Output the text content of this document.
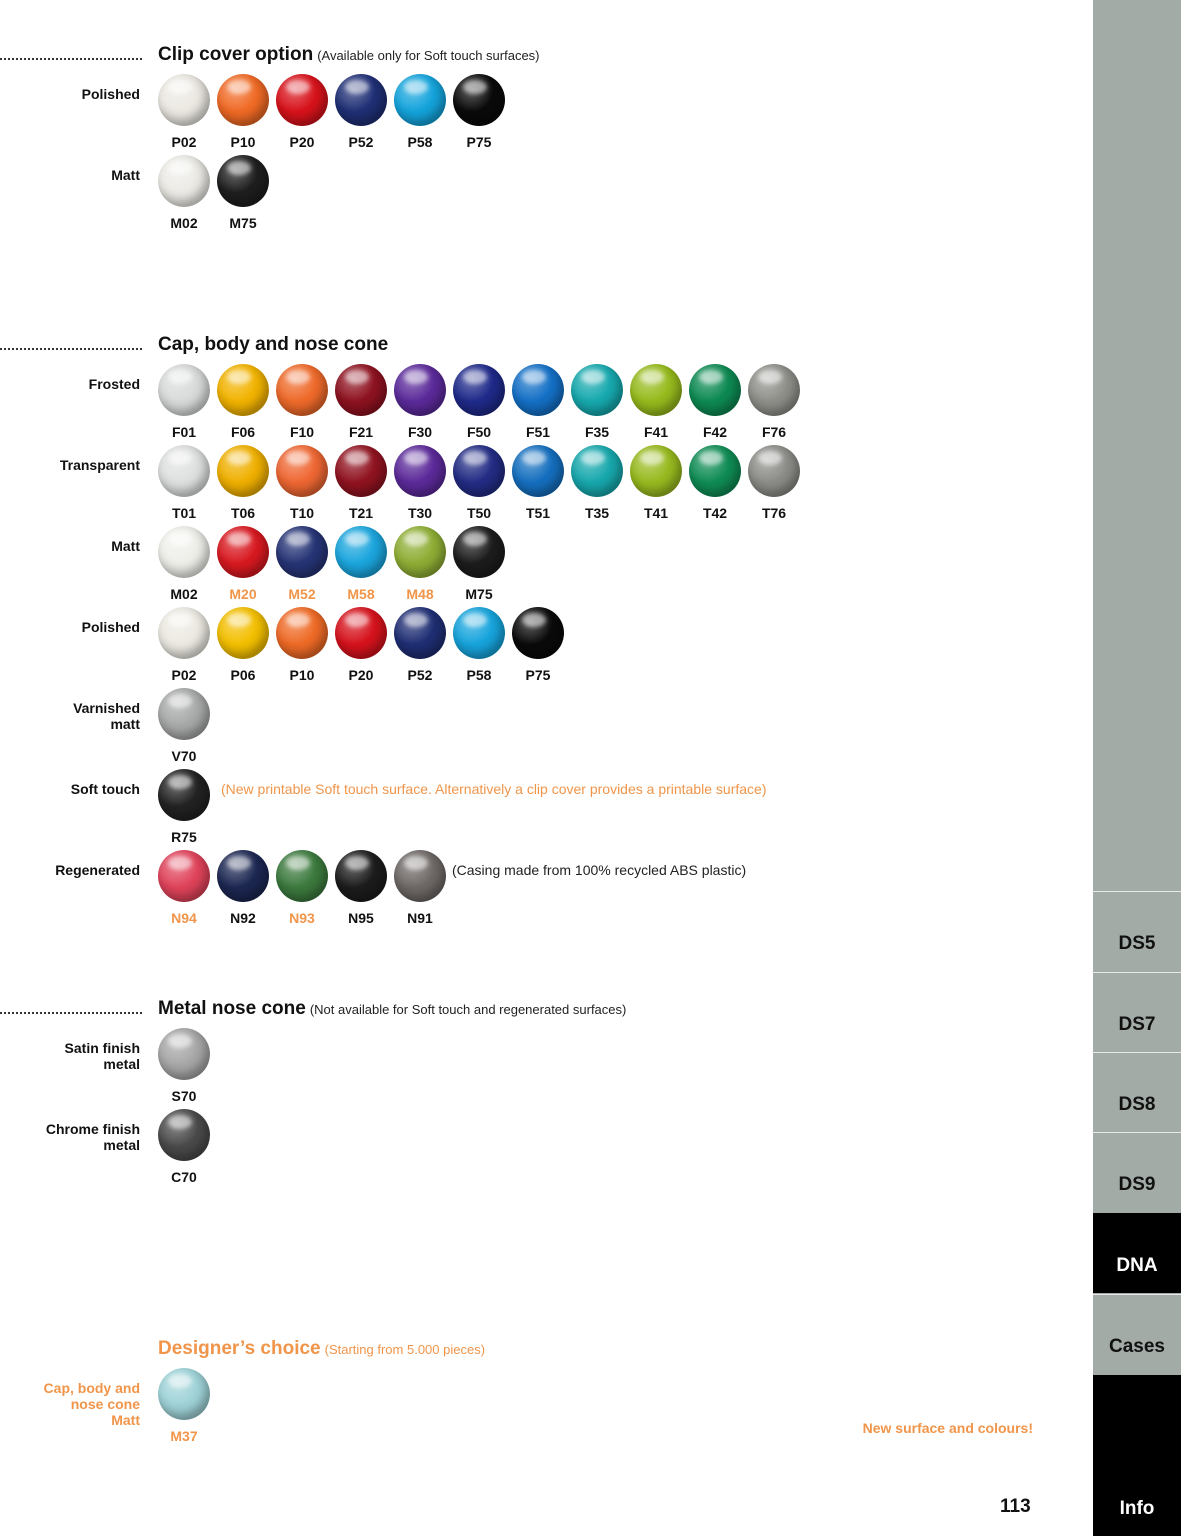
Clip cover option (Available only for Soft touch surfaces)
Polished
P02	P10	P20	P52	P58	P75
Matt
M02	M75
Cap, body and nose cone
Frosted
F01	F06	F10	F21	F30	F50	F51	F35	F41	F42	F76
Transparent
T01	T06	T10	T21	T30	T50	T51	T35	T41	T42	T76
Matt
M02	M20	M52	M58	M48	M75
Polished
P02	P06	P10	P20	P52	P58	P75
Varnished matt
V70
Soft touch
R75
(New printable Soft touch surface. Alternatively a clip cover provides a printable surface)
Regenerated
N94	N92	N93	N95	N91
(Casing made from 100% recycled ABS plastic)
Metal nose cone (Not available for Soft touch and regenerated surfaces)
Satin finish metal
S70
Chrome finish metal
C70
Designer’s choice (Starting from 5.000 pieces)
Cap, body and nose cone Matt
M37	New surface and colours!
113
DS5
DS7
DS8
DS9
DNA
Cases
Info
